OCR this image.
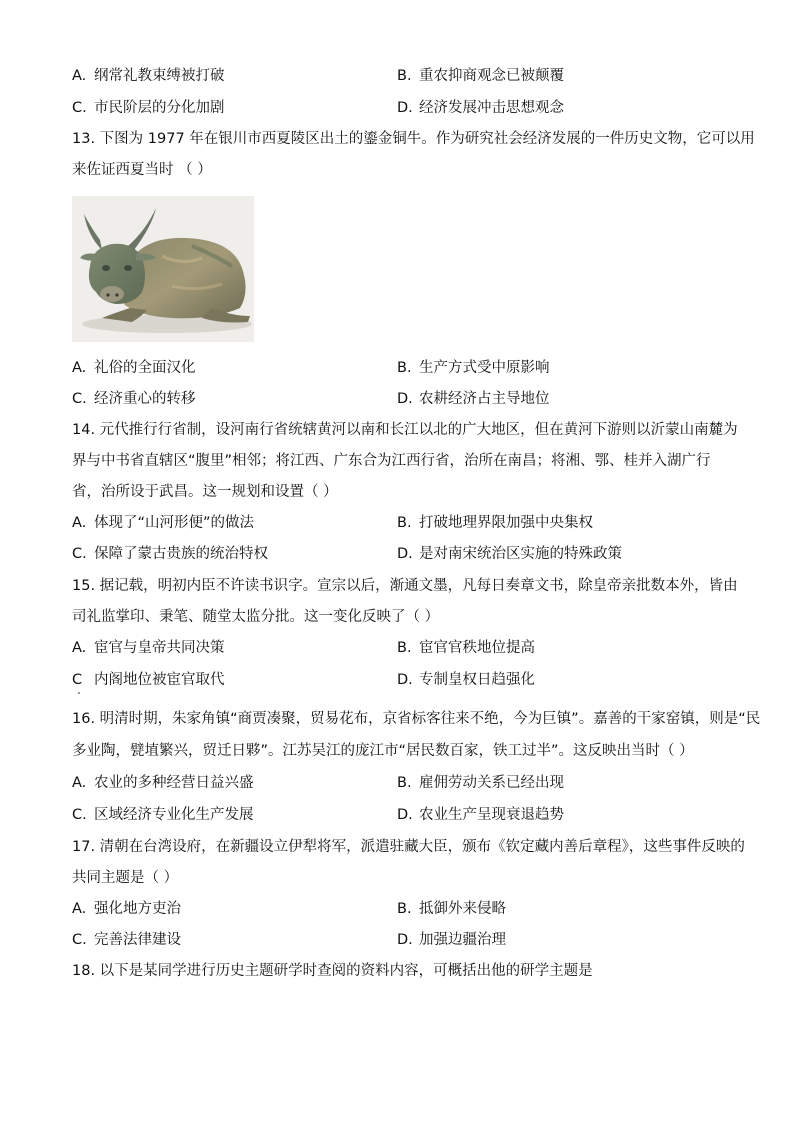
A. 纲常礼教束缚被打破	B. 重农抑商观念已被颠覆
C. 市民阶层的分化加剧	D. 经济发展冲击思想观念
13. 下图为 1977 年在银川市西夏陵区出土的鎏金铜牛。作为研究社会经济发展的一件历史文物，它可以用
来佐证西夏当时 （ ）
A. 礼俗的全面汉化	B. 生产方式受中原影响
C. 经济重心的转移	D. 农耕经济占主导地位
14. 元代推行行省制，设河南行省统辖黄河以南和长江以北的广大地区，但在黄河下游则以沂蒙山南麓为
界与中书省直辖区“腹里”相邻；将江西、广东合为江西行省，治所在南昌；将湘、鄂、桂并入湖广行
省，治所设于武昌。这一规划和设置（ ）
A. 体现了“山河形便”的做法	B. 打破地理界限加强中央集权
C. 保障了蒙古贵族的统治特权	D. 是对南宋统治区实施的特殊政策
15. 据记载，明初内臣不许读书识字。宣宗以后，渐通文墨，凡每日奏章文书，除皇帝亲批数本外，皆由
司礼监掌印、秉笔、随堂太监分批。这一变化反映了（ ）
A. 宦官与皇帝共同决策	B. 宦官官秩地位提高
C 内阁地位被宦官取代	D. 专制皇权日趋强化
16. 明清时期，朱家角镇“商贾凑聚，贸易花布，京省标客往来不绝，今为巨镇”。嘉善的干家窑镇，则是“民
多业陶，甓埴繁兴，贸迁日夥”。江苏吴江的庞江市“居民数百家，铁工过半”。这反映出当时（ ）
A. 农业的多种经营日益兴盛	B. 雇佣劳动关系已经出现
C. 区域经济专业化生产发展	D. 农业生产呈现衰退趋势
17. 清朝在台湾设府，在新疆设立伊犁将军，派遣驻藏大臣，颁布《钦定藏内善后章程》，这些事件反映的
共同主题是（ ）
A. 强化地方吏治	B. 抵御外来侵略
C. 完善法律建设	D. 加强边疆治理
18. 以下是某同学进行历史主题研学时查阅的资料内容，可概括出他的研学主题是
